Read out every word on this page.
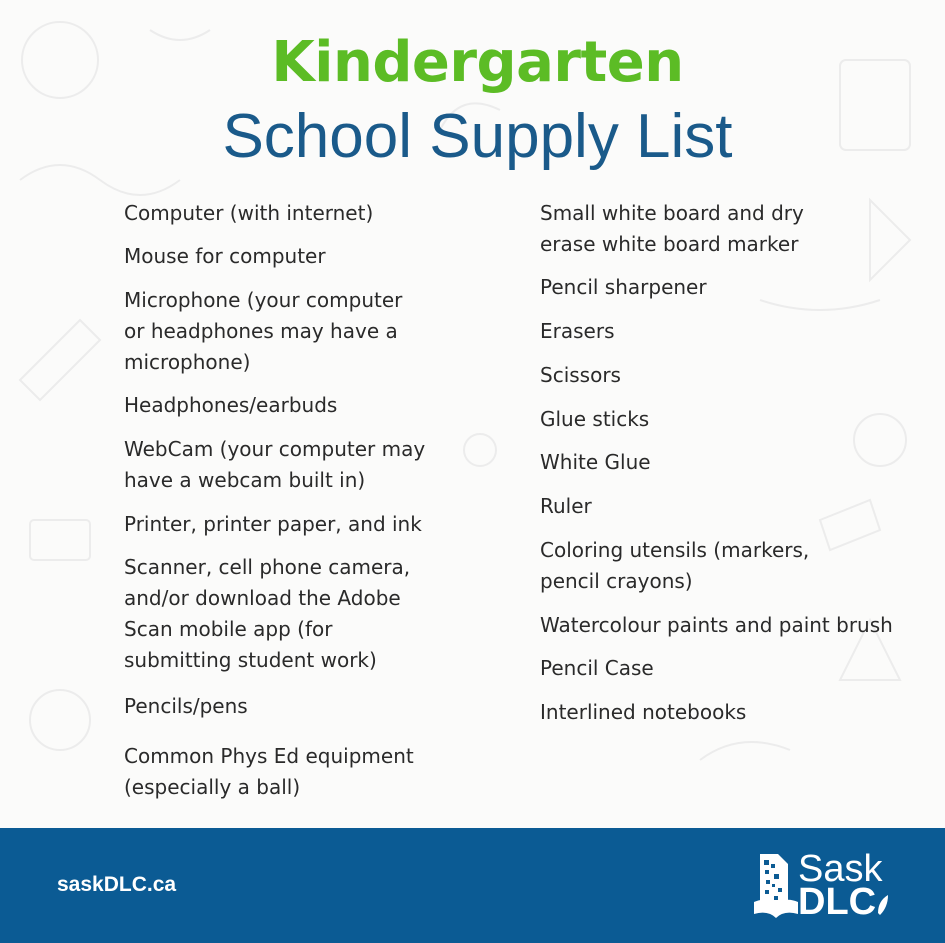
Kindergarten
School Supply List
Computer (with internet)
Mouse for computer
Microphone (your computer
or headphones may have a
microphone)
Headphones/earbuds
WebCam (your computer may
have a webcam built in)
Printer, printer paper, and ink
Scanner, cell phone camera,
and/or download the Adobe
Scan mobile app (for
submitting student work)
Pencils/pens
Common Phys Ed equipment
(especially a ball)
Small white board and dry
erase white board marker
Pencil sharpener
Erasers
Scissors
Glue sticks
White Glue
Ruler
Coloring utensils (markers,
pencil crayons)
Watercolour paints and paint brush
Pencil Case
Interlined notebooks
saskDLC.ca	Sask
DLC
